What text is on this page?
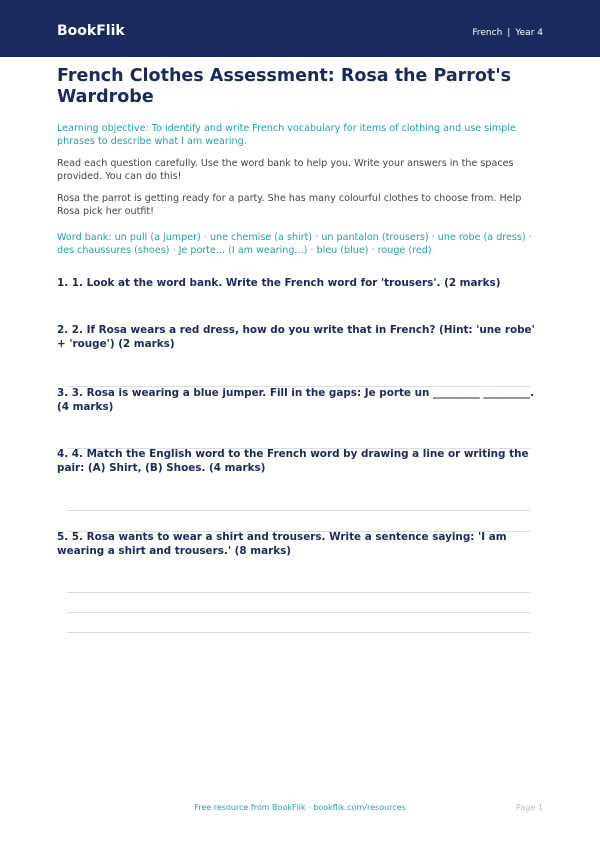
BookFlik	French | Year 4
French Clothes Assessment: Rosa the Parrot's Wardrobe

Learning objective: To identify and write French vocabulary for items of clothing and use simple phrases to describe what I am wearing.

Read each question carefully. Use the word bank to help you. Write your answers in the spaces provided. You can do this!

Rosa the parrot is getting ready for a party. She has many colourful clothes to choose from. Help Rosa pick her outfit!

Word bank: un pull (a jumper) · une chemise (a shirt) · un pantalon (trousers) · une robe (a dress) · des chaussures (shoes) · Je porte... (I am wearing...) · bleu (blue) · rouge (red)

1. 1. Look at the word bank. Write the French word for 'trousers'. (2 marks)

2. 2. If Rosa wears a red dress, how do you write that in French? (Hint: 'une robe' + 'rouge') (2 marks)

3. 3. Rosa is wearing a blue jumper. Fill in the gaps: Je porte un _________ _________. (4 marks)

4. 4. Match the English word to the French word by drawing a line or writing the pair: (A) Shirt, (B) Shoes. (4 marks)

5. 5. Rosa wants to wear a shirt and trousers. Write a sentence saying: 'I am wearing a shirt and trousers.' (8 marks)

Free resource from BookFlik · bookflik.com/resources	Page 1
